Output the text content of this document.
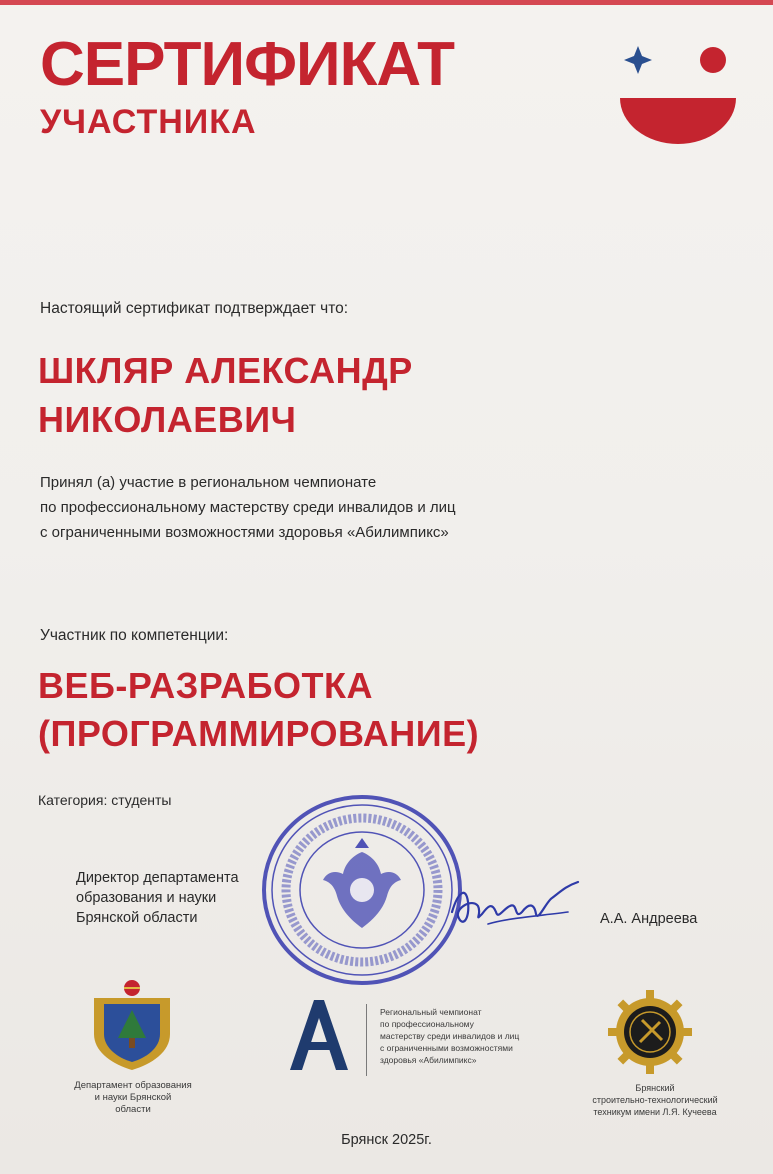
СЕРТИФИКАТ
УЧАСТНИКА
Настоящий сертификат подтверждает что:
ШКЛЯР АЛЕКСАНДР
НИКОЛАЕВИЧ
Принял (а) участие в региональном чемпионате
по профессиональному мастерству среди инвалидов и лиц
с ограниченными возможностями здоровья «Абилимпикс»
Участник по компетенции:
ВЕБ-РАЗРАБОТКА
(ПРОГРАММИРОВАНИЕ)
Категория: студенты
Директор департамента
образования и науки
Брянской области	А.А. Андреева
Департамент образования
и науки Брянской
области
Региональный чемпионат
по профессиональному
мастерству среди инвалидов и лиц
с ограниченными возможностями
здоровья «Абилимпикс»
Брянский
строительно-технологический
техникум имени Л.Я. Кучеева
Брянск 2025г.
